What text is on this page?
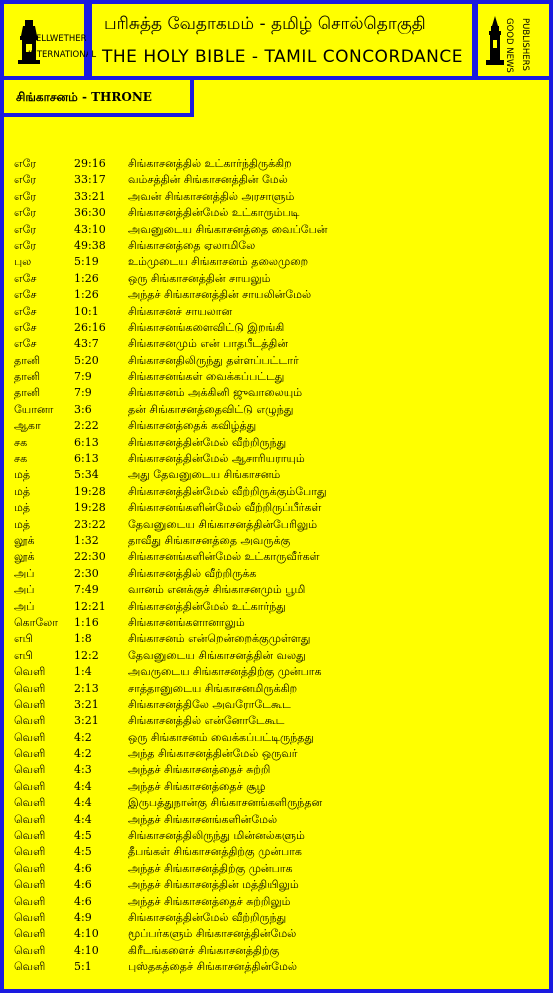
BELLWETHER
INTERNATIONAL
பரிசுத்த வேதாகமம் - தமிழ் சொல்தொகுதி
THE HOLY BIBLE - TAMIL CONCORDANCE	GOOD NEWS PUBLISHERS
சிங்காசனம் - THRONE
எரே	29:16 சிங்காசனத்தில் உட்கார்ந்திருக்கிற
எரே	33:17 வம்சத்தின் சிங்காசனத்தின் மேல்
எரே	33:21 அவன் சிங்காசனத்தில் அரசாளும்
எரே	36:30 சிங்காசனத்தின்மேல் உட்காரும்படி
எரே	43:10 அவனுடைய சிங்காசனத்தை வைப்பேன்
எரே	49:38 சிங்காசனத்தை ஏலாமிலே
புல	5:19	உம்முடைய சிங்காசனம் தலைமுறை
எசே	1:26	ஒரு சிங்காசனத்தின் சாயலும்
எசே	1:26	அந்தச் சிங்காசனத்தின் சாயலின்மேல்
எசே	10:1	சிங்காசனச் சாயலான
எசே	26:16 சிங்காசனங்களைவிட்டு இறங்கி
எசே	43:7	சிங்காசனமும் என் பாதபீடத்தின்
தானி	5:20	சிங்காசனதிலிருந்து தள்ளப்பட்டார்
தானி	7:9	சிங்காசனங்கள் வைக்கப்பட்டது
தானி	7:9	சிங்காசனம் அக்கினி ஜுவாலையும்
யோனா 3:6	தன் சிங்காசனத்தைவிட்டு எழுந்து
ஆகா	2:22	சிங்காசனத்தைக் கவிழ்த்து
சக	6:13	சிங்காசனத்தின்மேல் வீற்றிருந்து
சக	6:13	சிங்காசனத்தின்மேல் ஆசாரியராயும்
மத்	5:34	அது தேவனுடைய சிங்காசனம்
மத்	19:28 சிங்காசனத்தின்மேல் வீற்றிருக்கும்போது
மத்	19:28 சிங்காசனங்களின்மேல் வீற்றிருப்பீர்கள்
மத்	23:22 தேவனுடைய சிங்காசனத்தின்பேரிலும்
லூக்	1:32	தாவீது சிங்காசனத்தை அவருக்கு
லூக்	22:30 சிங்காசனங்களின்மேல் உட்காருவீர்கள்
அப்	2:30	சிங்காசனத்தில் வீற்றிருக்க
அப்	7:49	வானம் எனக்குச் சிங்காசனமும் பூமி
அப்	12:21 சிங்காசனத்தின்மேல் உட்கார்ந்து
கொலோ 1:16	சிங்காசனங்களானாலும்
எபி	1:8	சிங்காசனம் என்றென்றைக்குமுள்ளது
எபி	12:2	தேவனுடைய சிங்காசனத்தின் வலது
வெளி	1:4	அவருடைய சிங்காசனத்திற்கு முன்பாக
வெளி	2:13	சாத்தானுடைய சிங்காசனமிருக்கிற
வெளி	3:21	சிங்காசனத்திலே அவரோடேகூட
வெளி	3:21	சிங்காசனத்தில் என்னோடேகூட
வெளி	4:2	ஒரு சிங்காசனம் வைக்கப்பட்டிருந்தது
வெளி	4:2	அந்த சிங்காசனத்தின்மேல் ஒருவர்
வெளி	4:3	அந்தச் சிங்காசனத்தைச் சுற்றி
வெளி	4:4	அந்தச் சிங்காசனத்தைச் சூழ
வெளி	4:4	இருபத்துநான்கு சிங்காசனங்களிருந்தன
வெளி	4:4	அந்தச் சிங்காசனங்களின்மேல்
வெளி	4:5	சிங்காசனத்திலிருந்து மின்னல்களும்
வெளி	4:5	தீபங்கள் சிங்காசனத்திற்கு முன்பாக
வெளி	4:6	அந்தச் சிங்காசனத்திற்கு முன்பாக
வெளி	4:6	அந்தச் சிங்காசனத்தின் மத்தியிலும்
வெளி	4:6	அந்தச் சிங்காசனத்தைச் சுற்றிலும்
வெளி	4:9	சிங்காசனத்தின்மேல் வீற்றிருந்து
வெளி	4:10	மூப்பர்களும் சிங்காசனத்தின்மேல்
வெளி	4:10	கிரீடங்களைச் சிங்காசனத்திற்கு
வெளி	5:1	புஸ்தகத்தைச் சிங்காசனத்தின்மேல்
